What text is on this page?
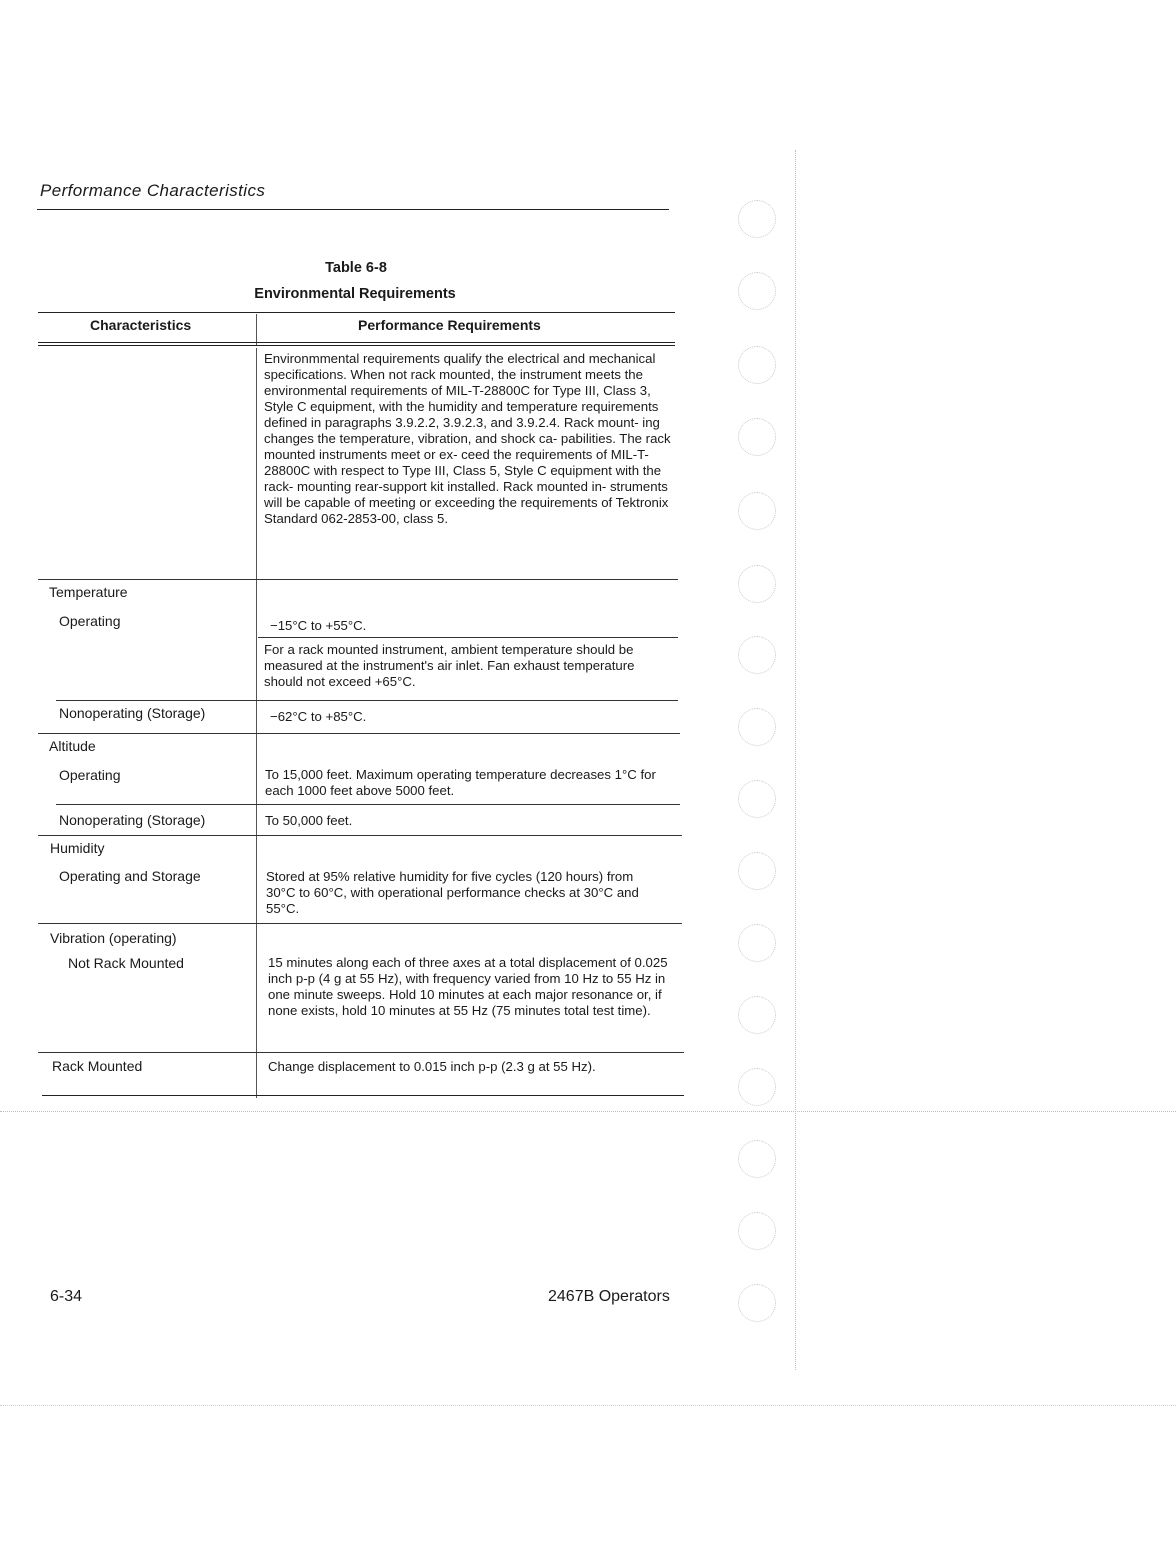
Performance Characteristics
Table 6-8
Environmental Requirements
Characteristics	Performance Requirements
Environmmental requirements qualify the electrical and mechanical specifications. When not rack mounted, the instrument meets the environmental requirements of MIL-T-28800C for Type III, Class 3, Style C equipment, with the humidity and temperature requirements defined in paragraphs 3.9.2.2, 3.9.2.3, and 3.9.2.4. Rack mount- ing changes the temperature, vibration, and shock ca- pabilities. The rack mounted instruments meet or ex- ceed the requirements of MIL-T-28800C with respect to Type III, Class 5, Style C equipment with the rack- mounting rear-support kit installed. Rack mounted in- struments will be capable of meeting or exceeding the requirements of Tektronix Standard 062-2853-00, class 5.
Temperature
Operating	−15°C to +55°C.
For a rack mounted instrument, ambient temperature should be measured at the instrument's air inlet. Fan exhaust temperature should not exceed +65°C.
Nonoperating (Storage)	−62°C to +85°C.
Altitude
Operating	To 15,000 feet. Maximum operating temperature decreases 1°C for each 1000 feet above 5000 feet.
Nonoperating (Storage)	To 50,000 feet.
Humidity
Operating and Storage	Stored at 95% relative humidity for five cycles (120 hours) from 30°C to 60°C, with operational performance checks at 30°C and 55°C.
Vibration (operating)
Not Rack Mounted	15 minutes along each of three axes at a total displacement of 0.025 inch p-p (4 g at 55 Hz), with frequency varied from 10 Hz to 55 Hz in one minute sweeps. Hold 10 minutes at each major resonance or, if none exists, hold 10 minutes at 55 Hz (75 minutes total test time).
Rack Mounted	Change displacement to 0.015 inch p-p (2.3 g at 55 Hz).
6-34	2467B Operators
